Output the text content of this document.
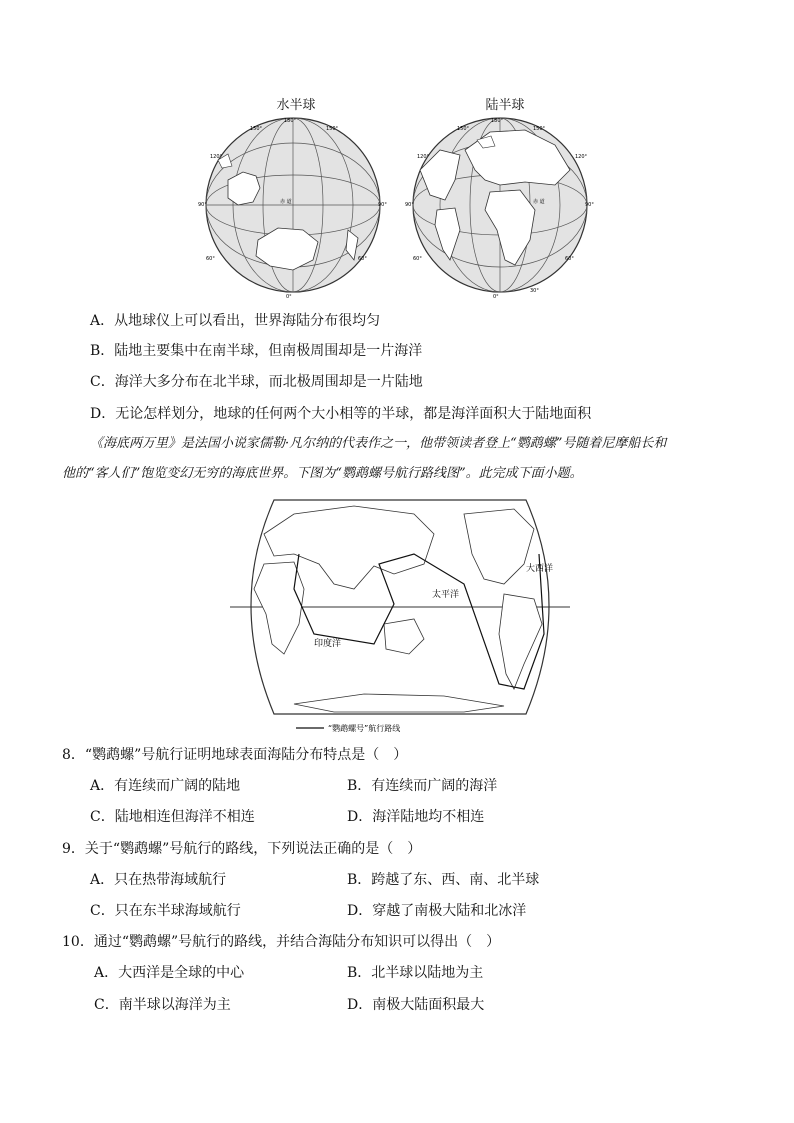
水半球
180°
150°	150°
120°
90°
60°
90°
60°
0°
赤 道
陆半球
180°
150°	150°
120°
90°
60°
120°
90°
60°
0°
30°
赤 道
A．从地球仪上可以看出，世界海陆分布很均匀
B．陆地主要集中在南半球，但南极周围却是一片海洋
C．海洋大多分布在北半球，而北极周围却是一片陆地
D．无论怎样划分，地球的任何两个大小相等的半球，都是海洋面积大于陆地面积
《海底两万里》是法国小说家儒勒·凡尔纳的代表作之一，他带领读者登上“鹦鹉螺”号随着尼摩船长和
他的“客人们”饱览变幻无穷的海底世界。下图为“鹦鹉螺号航行路线图”。此完成下面小题。
大西洋
太平洋
印度洋
“鹦鹉螺号”航行路线
8．“鹦鹉螺”号航行证明地球表面海陆分布特点是（　）
A．有连续而广阔的陆地	B．有连续而广阔的海洋
C．陆地相连但海洋不相连	D．海洋陆地均不相连
9．关于“鹦鹉螺”号航行的路线，下列说法正确的是（　）
A．只在热带海域航行	B．跨越了东、西、南、北半球
C．只在东半球海域航行	D．穿越了南极大陆和北冰洋
10．通过“鹦鹉螺”号航行的路线，并结合海陆分布知识可以得出（　）
A．大西洋是全球的中心	B．北半球以陆地为主
C．南半球以海洋为主	D．南极大陆面积最大
